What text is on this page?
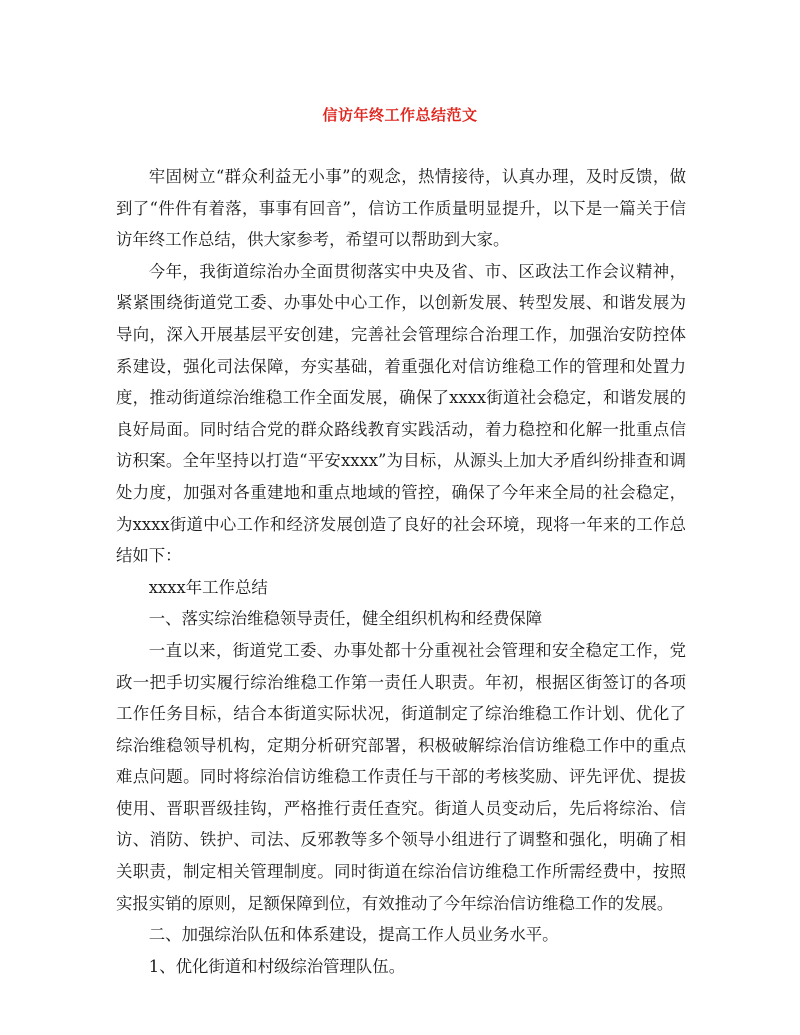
信访年终工作总结范文

牢固树立“群众利益无小事”的观念，热情接待，认真办理，及时反馈，做到了“件件有着落，事事有回音”，信访工作质量明显提升，以下是一篇关于信访年终工作总结，供大家参考，希望可以帮助到大家。

今年，我街道综治办全面贯彻落实中央及省、市、区政法工作会议精神，紧紧围绕街道党工委、办事处中心工作，以创新发展、转型发展、和谐发展为导向，深入开展基层平安创建，完善社会管理综合治理工作，加强治安防控体系建设，强化司法保障，夯实基础，着重强化对信访维稳工作的管理和处置力度，推动街道综治维稳工作全面发展，确保了xxxx街道社会稳定，和谐发展的良好局面。同时结合党的群众路线教育实践活动，着力稳控和化解一批重点信访积案。全年坚持以打造“平安xxxx”为目标，从源头上加大矛盾纠纷排查和调处力度，加强对各重建地和重点地域的管控，确保了今年来全局的社会稳定，为xxxx街道中心工作和经济发展创造了良好的社会环境，现将一年来的工作总结如下：

xxxx年工作总结

一、落实综治维稳领导责任，健全组织机构和经费保障

一直以来，街道党工委、办事处都十分重视社会管理和安全稳定工作，党政一把手切实履行综治维稳工作第一责任人职责。年初，根据区街签订的各项工作任务目标，结合本街道实际状况，街道制定了综治维稳工作计划、优化了综治维稳领导机构，定期分析研究部署，积极破解综治信访维稳工作中的重点难点问题。同时将综治信访维稳工作责任与干部的考核奖励、评先评优、提拔使用、晋职晋级挂钩，严格推行责任查究。街道人员变动后，先后将综治、信访、消防、铁护、司法、反邪教等多个领导小组进行了调整和强化，明确了相关职责，制定相关管理制度。同时街道在综治信访维稳工作所需经费中，按照实报实销的原则，足额保障到位，有效推动了今年综治信访维稳工作的发展。

二、加强综治队伍和体系建设，提高工作人员业务水平。

1、优化街道和村级综治管理队伍。
